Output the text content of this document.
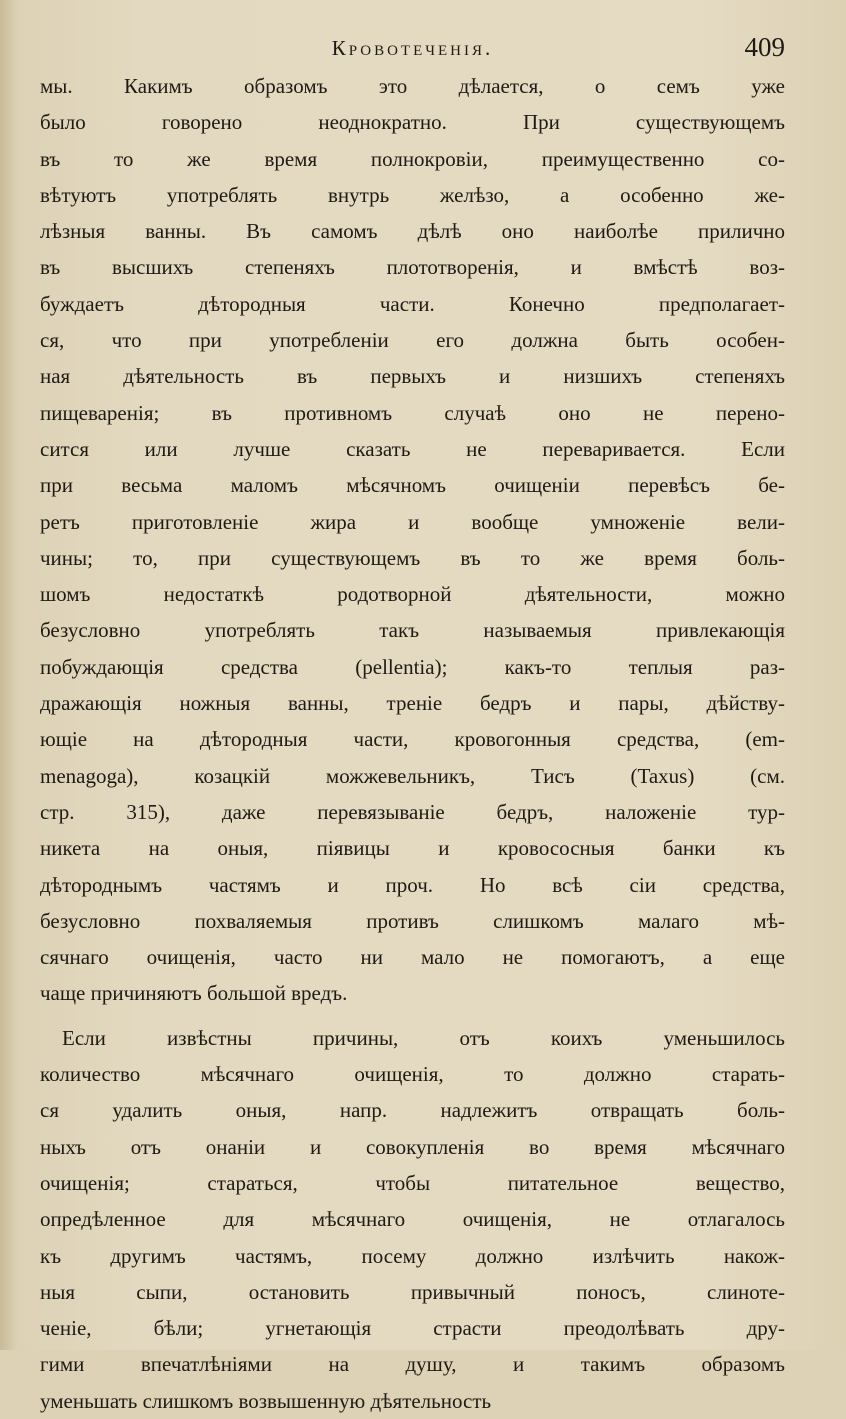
Кровотеченія.	409
мы. Какимъ образомъ это дѣлается, о семъ уже
было говорено неоднократно. При существующемъ
въ то же время полнокровіи, преимущественно со-
вѣтуютъ употреблять внутрь желѣзо, а особенно же-
лѣзныя ванны. Въ самомъ дѣлѣ оно наиболѣе прилично
въ высшихъ степеняхъ плототворенія, и вмѣстѣ воз-
буждаетъ дѣтородныя части. Конечно предполагает-
ся, что при употребленіи его должна быть особен-
ная дѣятельность въ первыхъ и низшихъ степеняхъ
пищеваренія; въ противномъ случаѣ оно не перено-
сится или лучше сказать не переваривается. Если
при весьма маломъ мѣсячномъ очищеніи перевѣсъ бе-
ретъ приготовленіе жира и вообще умноженіе вели-
чины; то, при существующемъ въ то же время боль-
шомъ недостаткѣ родотворной дѣятельности, можно
безусловно употреблять такъ называемыя привлекающія
побуждающія средства (pellentia); какъ-то теплыя раз-
дражающія ножныя ванны, треніе бедръ и пары, дѣйству-
ющіе на дѣтородныя части, кровогонныя средства, (em-
menagoga), козацкій можжевельникъ, Тисъ (Taxus) (см.
стр. 315), даже перевязываніе бедръ, наложеніе тур-
никета на оныя, піявицы и кровососныя банки къ
дѣтороднымъ частямъ и проч. Но всѣ сіи средства,
безусловно похваляемыя противъ слишкомъ малаго мѣ-
сячнаго очищенія, часто ни мало не помогаютъ, а еще
чаще причиняютъ большой вредъ.
Если извѣстны причины, отъ коихъ уменьшилось
количество мѣсячнаго очищенія, то должно старать-
ся удалить оныя, напр. надлежитъ отвращать боль-
ныхъ отъ онаніи и совокупленія во время мѣсячнаго
очищенія; стараться, чтобы питательное вещество,
опредѣленное для мѣсячнаго очищенія, не отлагалось
къ другимъ частямъ, посему должно излѣчить накож-
ныя сыпи, остановить привычный поносъ, слинотe-
ченіе, бѣли; угнетающія страсти преодолѣвать дру-
гими впечатлѣніями на душу, и такимъ образомъ
уменьшать слишкомъ возвышенную дѣятельность
